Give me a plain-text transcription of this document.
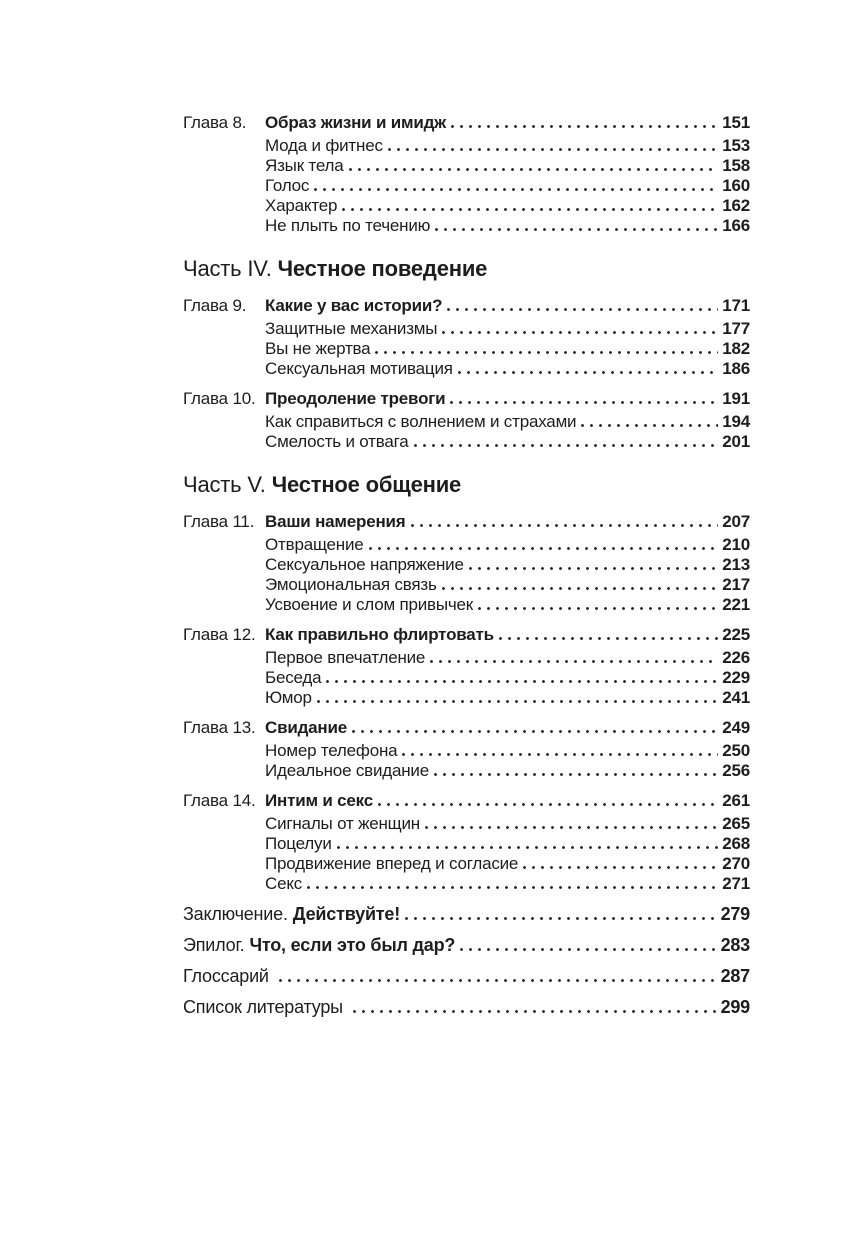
Глава 8.	Образ жизни и имидж	151
Мода и фитнес	153
Язык тела	158
Голос	160
Характер	162
Не плыть по течению	166
Часть IV. Честное поведение
Глава 9.	Какие у вас истории?	171
Защитные механизмы	177
Вы не жертва	182
Сексуальная мотивация	186
Глава 10. Преодоление тревоги	191
Как справиться с волнением и страхами	194
Смелость и отвага	201
Часть V. Честное общение
Глава 11. Ваши намерения	207
Отвращение	210
Сексуальное напряжение	213
Эмоциональная связь	217
Усвоение и слом привычек	221
Глава 12. Как правильно флиртовать	225
Первое впечатление	226
Беседа	229
Юмор	241
Глава 13. Свидание	249
Номер телефона	250
Идеальное свидание	256
Глава 14. Интим и секс	261
Сигналы от женщин	265
Поцелуи	268
Продвижение вперед и согласие	270
Секс	271
Заключение. Действуйте!	279
Эпилог. Что, если это был дар?	283
Глоссарий	287
Список литературы	299
